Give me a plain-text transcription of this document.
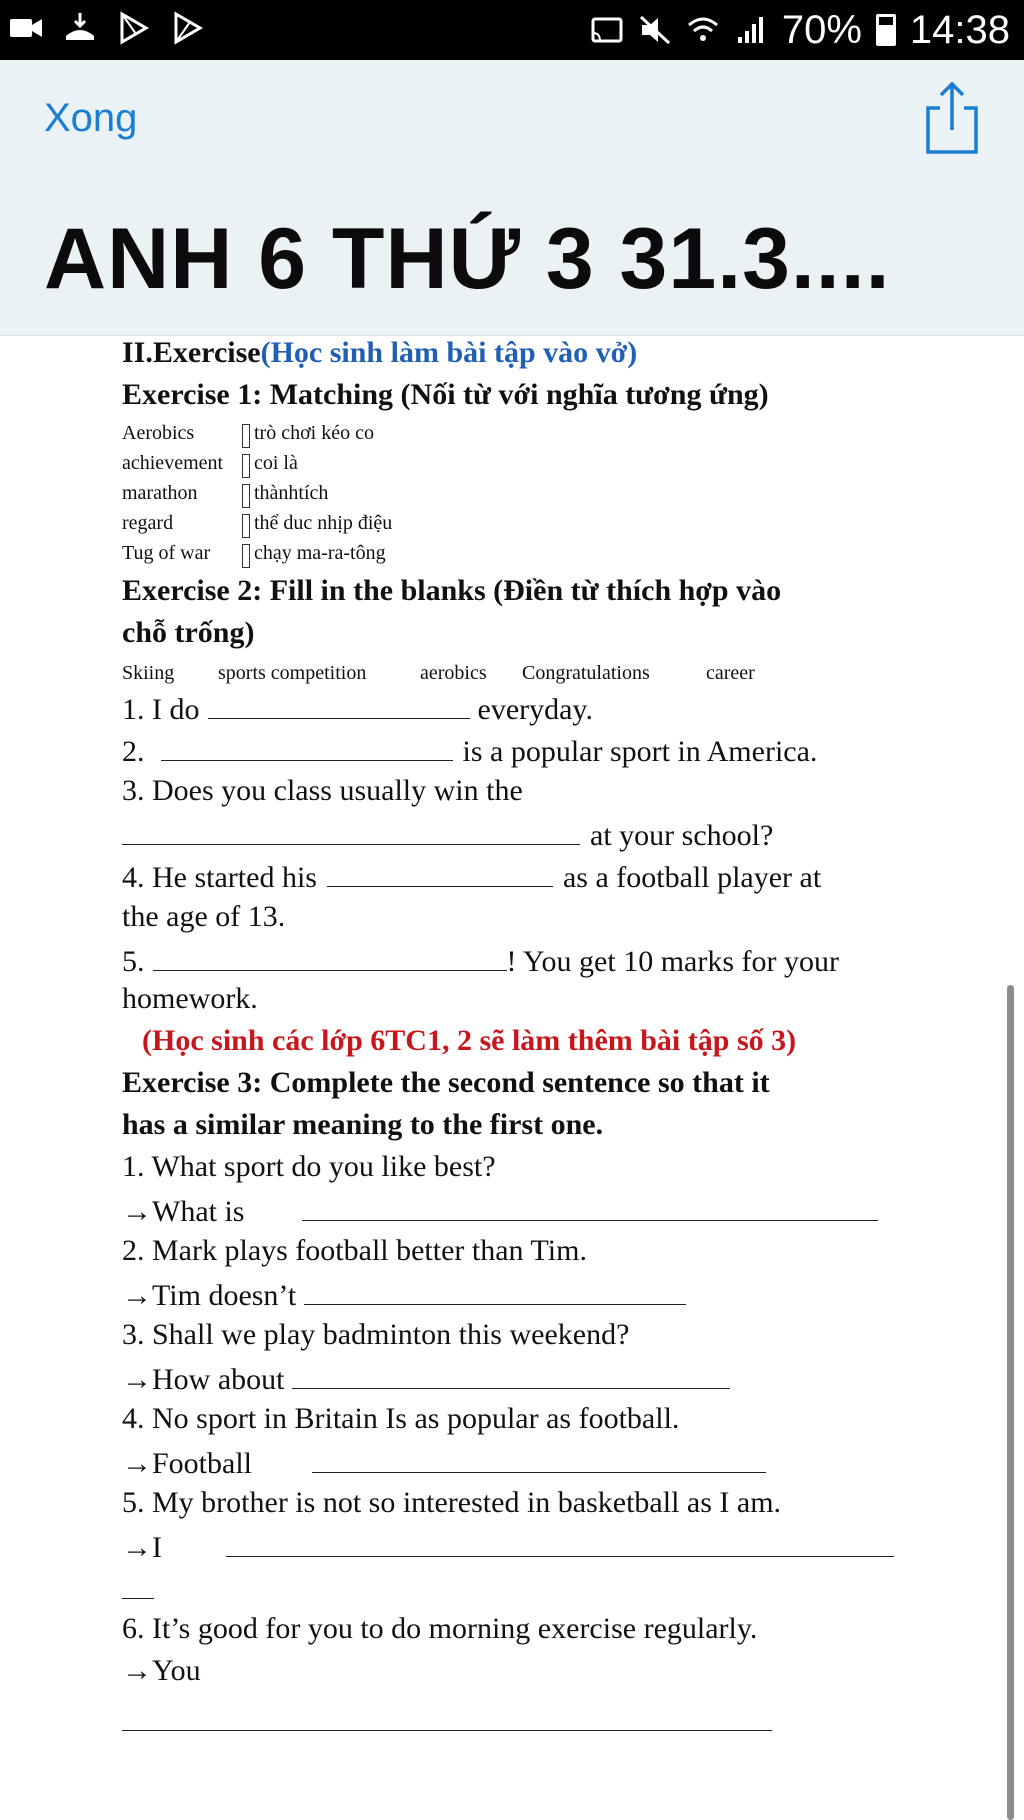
70% 14:38
Xong
ANH 6 THỨ 3 31.3....
II.Exercise(Học sinh làm bài tập vào vở)
Exercise 1: Matching (Nối từ với nghĩa tương ứng)
Aerobics	trò chơi kéo co
achievement coi là
marathon	thànhtích
regard	thể duc nhịp điệu
Tug of war chạy ma-ra-tông
Exercise 2: Fill in the blanks (Điền từ thích hợp vào
chỗ trống)
Skiing sports competition	aerobics Congratulations	career
1. I do	everyday.
2.	is a popular sport in America.
3. Does you class usually win the
at your school?
4. He started his	as a football player at
the age of 13.
5.	! You get 10 marks for your
homework.
(Học sinh các lớp 6TC1, 2 sẽ làm thêm bài tập số 3)
Exercise 3: Complete the second sentence so that it
has a similar meaning to the first one.
1. What sport do you like best?
→What is
2. Mark plays football better than Tim.
→Tim doesn’t
3. Shall we play badminton this weekend?
→How about
4. No sport in Britain Is as popular as football.
→Football
5. My brother is not so interested in basketball as I am.
→I
6. It’s good for you to do morning exercise regularly.
→You
